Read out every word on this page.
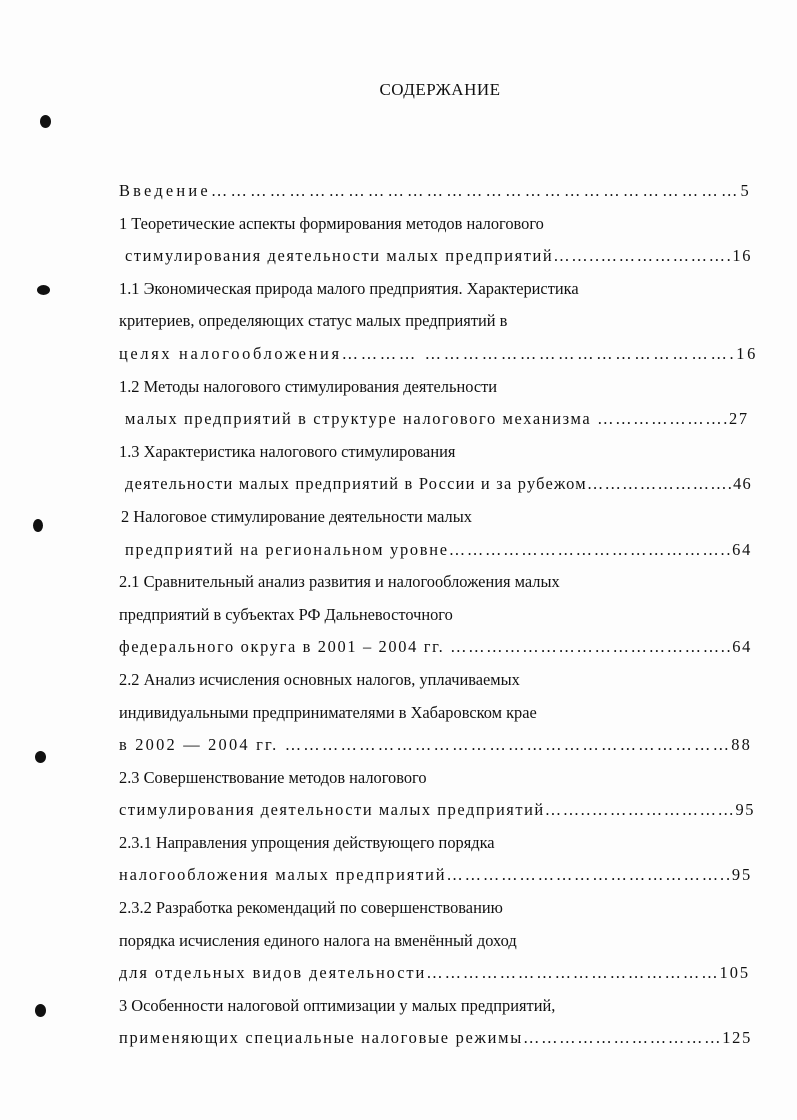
СОДЕРЖАНИЕ
Введение………………………………………………………………………5
1 Теоретические аспекты формирования методов налогового
стимулирования деятельности малых предприятий……..………………….16
1.1 Экономическая природа малого предприятия. Характеристика
критериев, определяющих статус малых предприятий в
целях налогообложения………… ………………………………………….16
1.2 Методы налогового стимулирования деятельности
малых предприятий в структуре налогового механизма ………………….27
1.3 Характеристика налогового стимулирования
деятельности малых предприятий в России и за рубежом…………………….46
2 Налоговое стимулирование деятельности малых
предприятий на региональном уровне………………………………………..64
2.1 Сравнительный анализ развития и налогообложения малых
предприятий в субъектах РФ Дальневосточного
федерального округа в 2001 – 2004 гг. ………………………………………..64
2.2 Анализ исчисления основных налогов, уплачиваемых
индивидуальными предпринимателями в Хабаровском крае
в 2002 — 2004 гг. ………………………………………………………………88
2.3 Совершенствование методов налогового
стимулирования деятельности малых предприятий……..……………………95
2.3.1 Направления упрощения действующего порядка
налогообложения малых предприятий………………………………………..95
2.3.2 Разработка рекомендаций по совершенствованию
порядка исчисления единого налога на вменённый доход
для отдельных видов деятельности…………………………………………105
3 Особенности налоговой оптимизации у малых предприятий,
применяющих специальные налоговые режимы……………………………125
